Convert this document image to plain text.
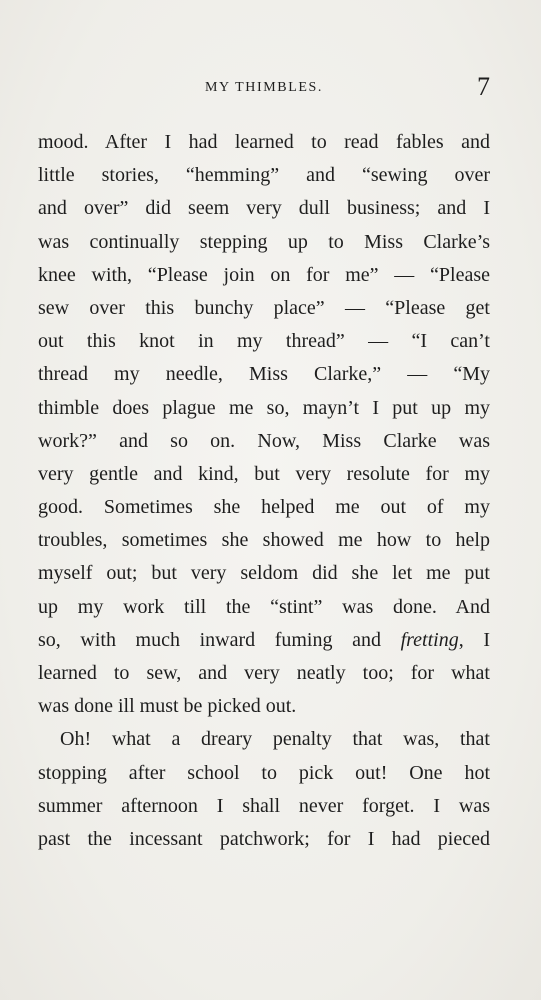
MY THIMBLES.	7
mood. After I had learned to read fables and
little stories, “hemming” and “sewing over
and over” did seem very dull business; and I
was continually stepping up to Miss Clarke’s
knee with, “Please join on for me” — “Please
sew over this bunchy place” — “Please get
out this knot in my thread” — “I can’t
thread my needle, Miss Clarke,” — “My
thimble does plague me so, mayn’t I put up my
work?” and so on. Now, Miss Clarke was
very gentle and kind, but very resolute for my
good. Sometimes she helped me out of my
troubles, sometimes she showed me how to help
myself out; but very seldom did she let me put
up my work till the “stint” was done. And
so, with much inward fuming and fretting, I
learned to sew, and very neatly too; for what
was done ill must be picked out.
Oh! what a dreary penalty that was, that
stopping after school to pick out! One hot
summer afternoon I shall never forget. I was
past the incessant patchwork; for I had pieced
